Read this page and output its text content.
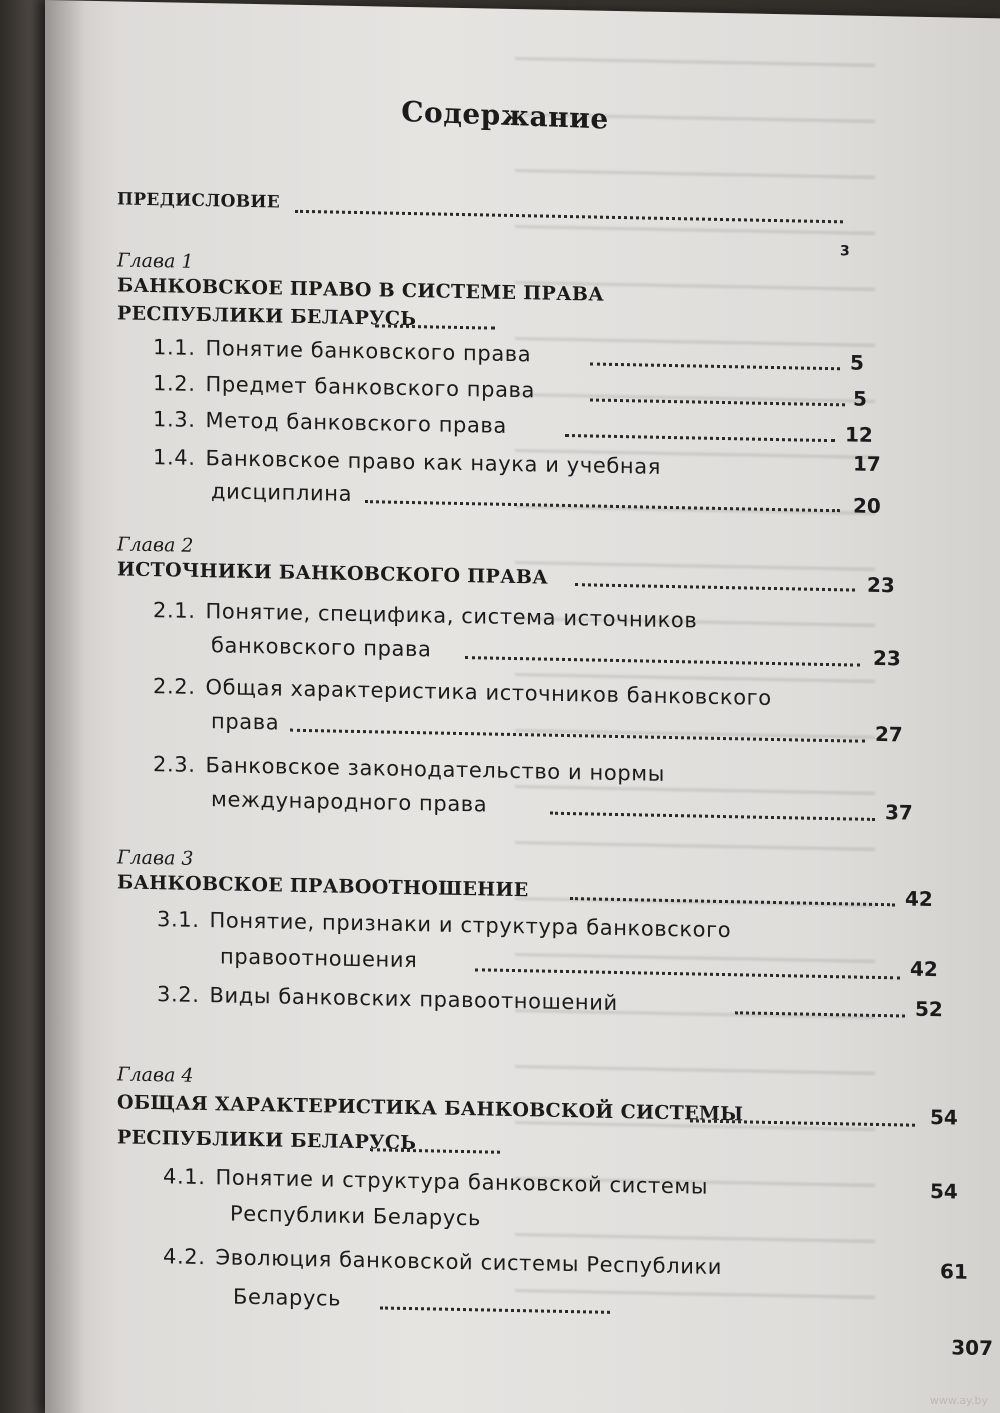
Содержание
ПРЕДИСЛОВИЕ
3
Глава 1
БАНКОВСКОЕ ПРАВО В СИСТЕМЕ ПРАВА
РЕСПУБЛИКИ БЕЛАРУСЬ
1.1. Понятие банковского права	5
1.2. Предмет банковского права	5
1.3. Метод банковского права	12
1.4. Банковское право как наука и учебная	17
дисциплина	20
Глава 2
ИСТОЧНИКИ БАНКОВСКОГО ПРАВА	23
2.1. Понятие, специфика, система источников
банковского права	23
2.2. Общая характеристика источников банковского
права	27
2.3. Банковское законодательство и нормы
международного права	37
Глава 3
БАНКОВСКОЕ ПРАВООТНОШЕНИЕ	42
3.1. Понятие, признаки и структура банковского
правоотношения	42
3.2. Виды банковских правоотношений	52
Глава 4
ОБЩАЯ ХАРАКТЕРИСТИКА БАНКОВСКОЙ СИСТЕМЫ	54
РЕСПУБЛИКИ БЕЛАРУСЬ
4.1. Понятие и структура банковской системы	54
Республики Беларусь
4.2. Эволюция банковской системы Республики	61
Беларусь
307
www.ay.by
